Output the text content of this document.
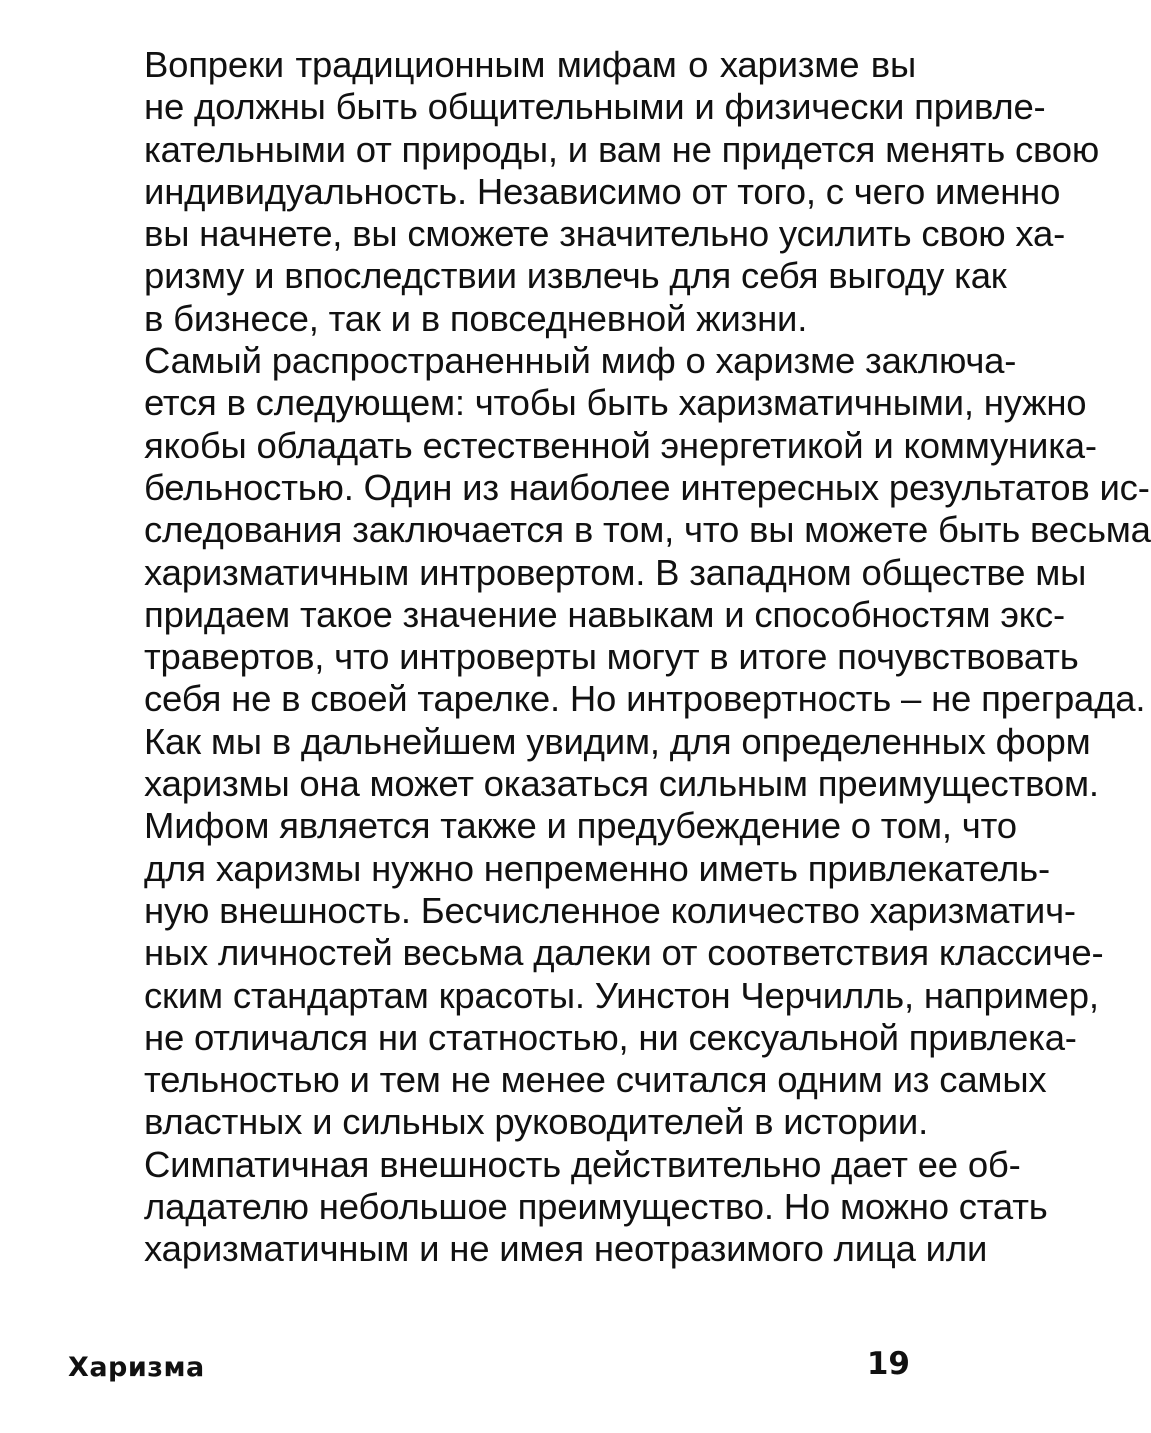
Вопреки традиционным мифам о харизме вы
не должны быть общительными и физически привле-
кательными от природы, и вам не придется менять свою
индивидуальность. Независимо от того, с чего именно
вы начнете, вы сможете значительно усилить свою ха-
ризму и впоследствии извлечь для себя выгоду как
в бизнесе, так и в повседневной жизни.
Самый распространенный миф о харизме заключа-
ется в следующем: чтобы быть харизматичными, нужно
якобы обладать естественной энергетикой и коммуника-
бельностью. Один из наиболее интересных результатов ис-
следования заключается в том, что вы можете быть весьма
харизматичным интровертом. В западном обществе мы
придаем такое значение навыкам и способностям экс-
травертов, что интроверты могут в итоге почувствовать
себя не в своей тарелке. Но интровертность – не преграда.
Как мы в дальнейшем увидим, для определенных форм
харизмы она может оказаться сильным преимуществом.
Мифом является также и предубеждение о том, что
для харизмы нужно непременно иметь привлекатель-
ную внешность. Бесчисленное количество харизматич-
ных личностей весьма далеки от соответствия классиче-
ским стандартам красоты. Уинстон Черчилль, например,
не отличался ни статностью, ни сексуальной привлека-
тельностью и тем не менее считался одним из самых
властных и сильных руководителей в истории.
Симпатичная внешность действительно дает ее об-
ладателю небольшое преимущество. Но можно стать
харизматичным и не имея неотразимого лица или
Харизма	19
